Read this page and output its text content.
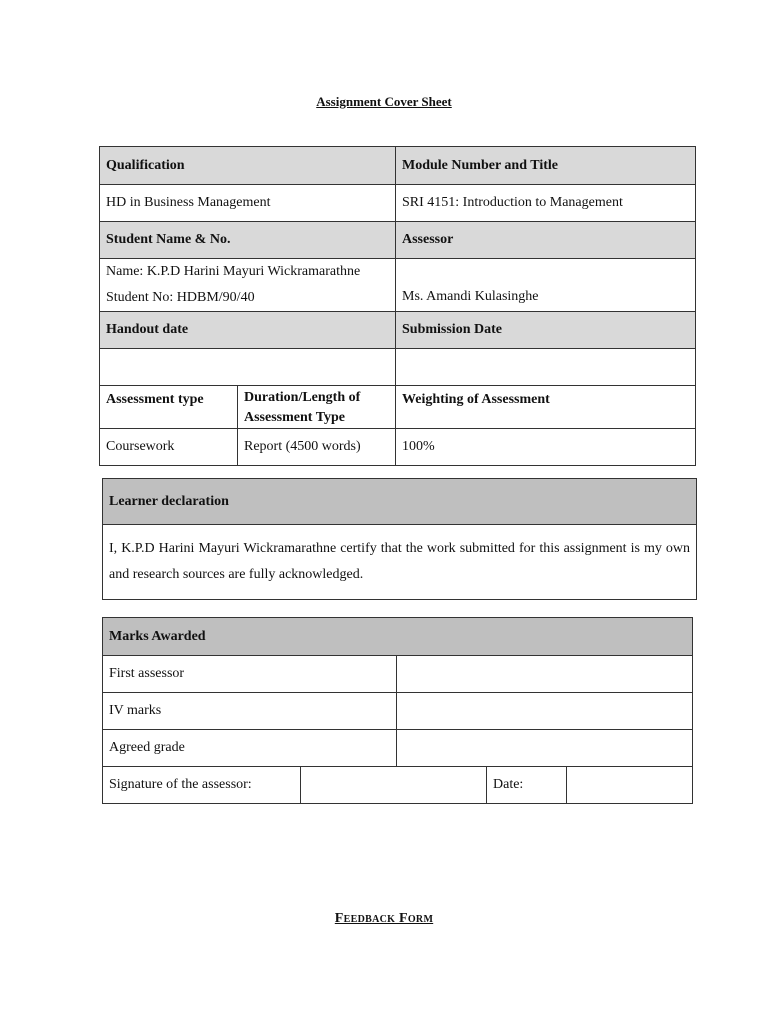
Assignment Cover Sheet
Qualification		Module Number and Title
HD in Business Management		SRI 4151: Introduction to Management
Student Name & No.		Assessor

Name: K.P.D Harini Mayuri Wickramarathne
Student No: HDBM/90/40		Ms. Amandi Kulasinghe
Handout date		Submission Date

Assessment type	Duration/Length of Assessment Type	Weighting of Assessment
Coursework	Report (4500 words)	100%
Learner declaration
I, K.P.D Harini Mayuri Wickramarathne certify that the work submitted for this assignment is my own and research sources are fully acknowledged.
Marks Awarded				
First assessor				
IV marks				
Agreed grade				
Signature of the assessor:			Date:	
Feedback Form
